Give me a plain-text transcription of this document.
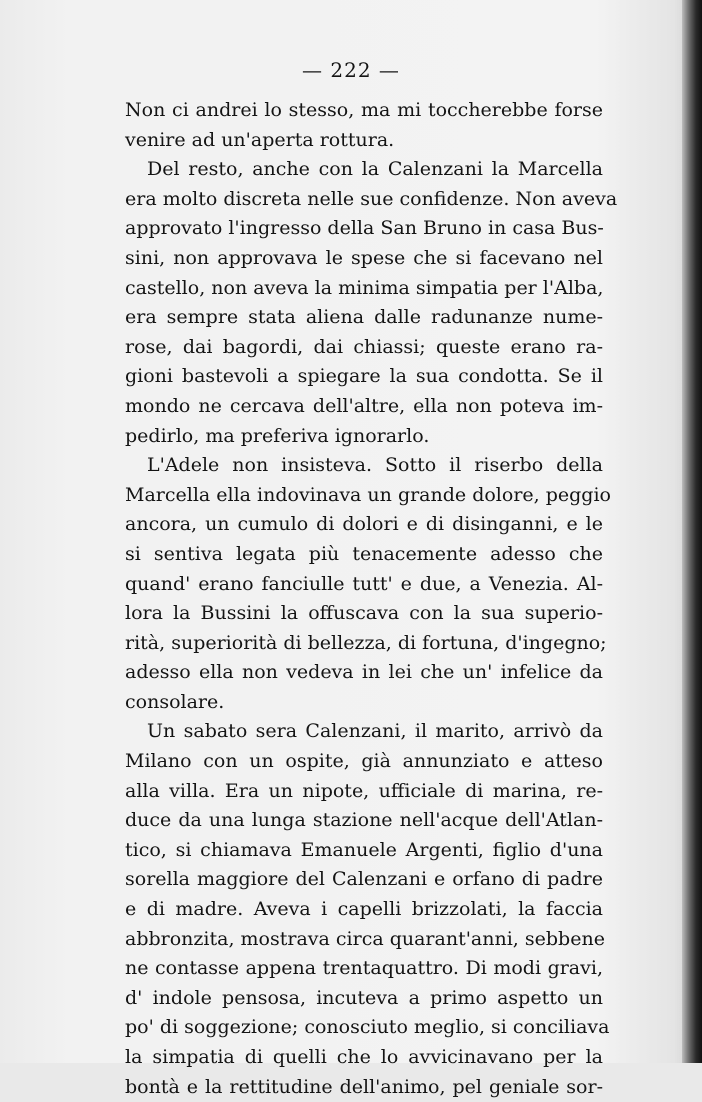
— 222 —
Non ci andrei lo stesso, ma mi toccherebbe forse
venire ad un'aperta rottura.
Del resto, anche con la Calenzani la Marcella
era molto discreta nelle sue confidenze. Non aveva
approvato l'ingresso della San Bruno in casa Bus-
sini, non approvava le spese che si facevano nel
castello, non aveva la minima simpatia per l'Alba,
era sempre stata aliena dalle radunanze nume-
rose, dai bagordi, dai chiassi; queste erano ra-
gioni bastevoli a spiegare la sua condotta. Se il
mondo ne cercava dell'altre, ella non poteva im-
pedirlo, ma preferiva ignorarlo.
L'Adele non insisteva. Sotto il riserbo della
Marcella ella indovinava un grande dolore, peggio
ancora, un cumulo di dolori e di disinganni, e le
si sentiva legata più tenacemente adesso che
quand' erano fanciulle tutt' e due, a Venezia. Al-
lora la Bussini la offuscava con la sua superio-
rità, superiorità di bellezza, di fortuna, d'ingegno;
adesso ella non vedeva in lei che un' infelice da
consolare.
Un sabato sera Calenzani, il marito, arrivò da
Milano con un ospite, già annunziato e atteso
alla villa. Era un nipote, ufficiale di marina, re-
duce da una lunga stazione nell'acque dell'Atlan-
tico, si chiamava Emanuele Argenti, figlio d'una
sorella maggiore del Calenzani e orfano di padre
e di madre. Aveva i capelli brizzolati, la faccia
abbronzita, mostrava circa quarant'anni, sebbene
ne contasse appena trentaquattro. Di modi gravi,
d' indole pensosa, incuteva a primo aspetto un
po' di soggezione; conosciuto meglio, si conciliava
la simpatia di quelli che lo avvicinavano per la
bontà e la rettitudine dell'animo, pel geniale sor-
